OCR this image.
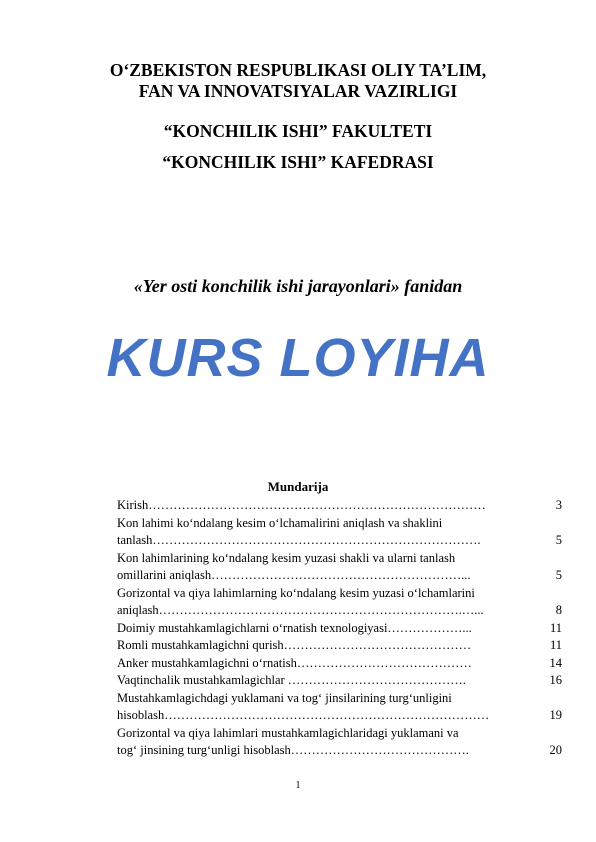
O‘ZBEKISTON RESPUBLIKASI OLIY TA’LIM,
FAN VA INNOVATSIYALAR VAZIRLIGI
“KONCHILIK ISHI” FAKULTETI
“KONCHILIK ISHI” KAFEDRASI
«Yer osti konchilik ishi jarayonlari» fanidan
KURS LOYIHA
Mundarija
Kirish………………………………………………………………………	3
Kon lahimi ko‘ndalang kesim o‘lchamalirini aniqlash va shaklini
tanlash…………………………………………………………………….	5
Kon lahimlarining ko‘ndalang kesim yuzasi shakli va ularni tanlash
omillarini aniqlash……………………………………………………...	5
Gorizontal va qiya lahimlarning ko‘ndalang kesim yuzasi o‘lchamlarini
aniqlash……………………………………………………………….…...	8
Doimiy mustahkamlagichlarni o‘rnatish texnologiyasi………………...	11
Romli mustahkamlagichni qurish………………………………………	11
Anker mustahkamlagichni o‘rnatish……………………………………	14
Vaqtinchalik mustahkamlagichlar …………………………………….	16
Mustahkamlagichdagi yuklamani va tog‘ jinsilarining turg‘unligini
hisoblash……………………………………………………………………	19
Gorizontal va qiya lahimlari mustahkamlagichlaridagi yuklamani va
tog‘ jinsining turg‘unligi hisoblash…………………………………….	20
1
